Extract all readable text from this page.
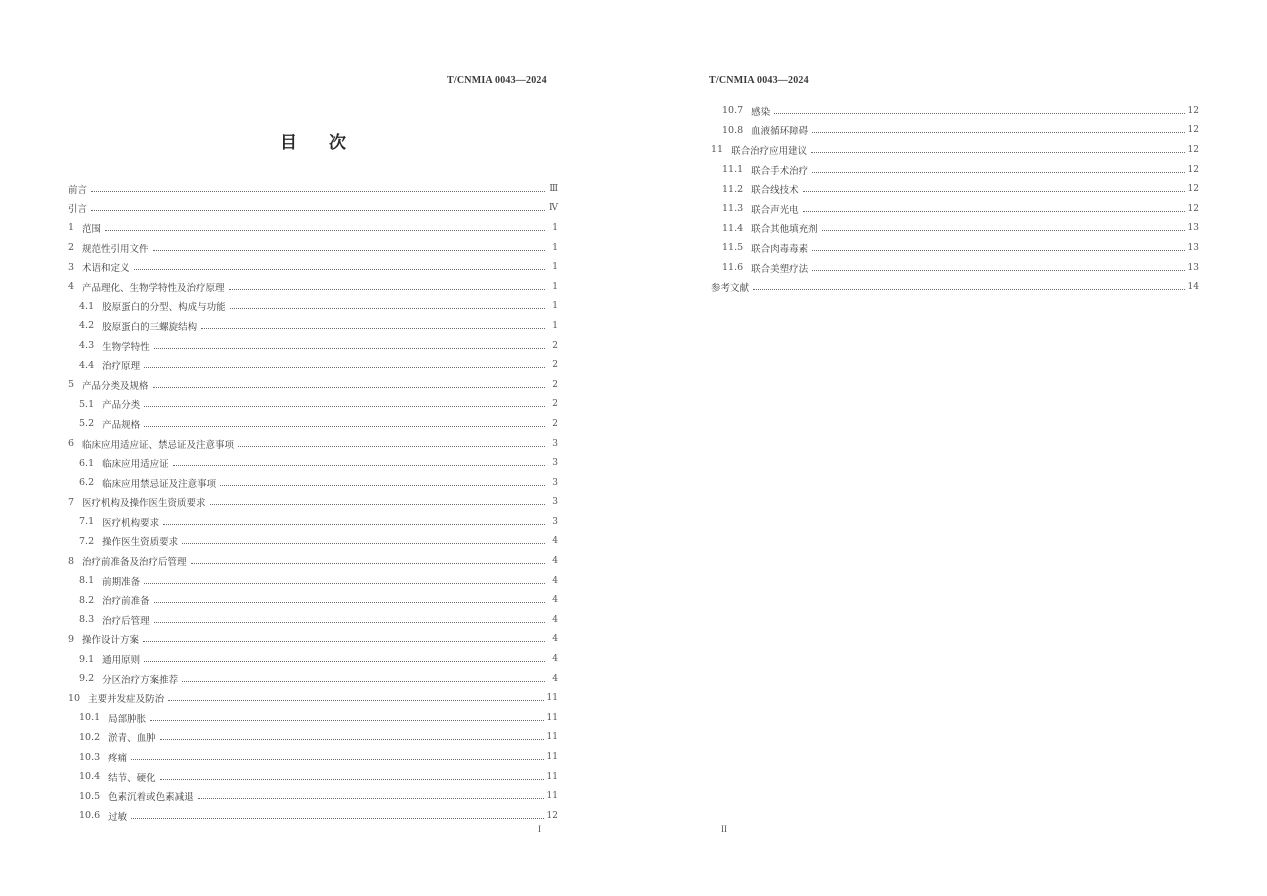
T/CNMIA 0043—2024
目次
前言	Ⅲ
引言	Ⅳ
1 范围	1
2 规范性引用文件	1
3 术语和定义	1
4 产品理化、生物学特性及治疗原理	1
4.1 胶原蛋白的分型、构成与功能	1
4.2 胶原蛋白的三螺旋结构	1
4.3 生物学特性	2
4.4 治疗原理	2
5 产品分类及规格	2
5.1 产品分类	2
5.2 产品规格	2
6 临床应用适应证、禁忌证及注意事项	3
6.1 临床应用适应证	3
6.2 临床应用禁忌证及注意事项	3
7 医疗机构及操作医生资质要求	3
7.1 医疗机构要求	3
7.2 操作医生资质要求	4
8 治疗前准备及治疗后管理	4
8.1 前期准备	4
8.2 治疗前准备	4
8.3 治疗后管理	4
9 操作设计方案	4
9.1 通用原则	4
9.2 分区治疗方案推荐	4
10 主要并发症及防治	11
10.1 局部肿胀	11
10.2 淤青、血肿	11
10.3 疼痛	11
10.4 结节、硬化	11
10.5 色素沉着或色素减退	11
10.6 过敏	12
I
T/CNMIA 0043—2024
10.7 感染	12
10.8 血液循环障碍	12
11 联合治疗应用建议	12
11.1 联合手术治疗	12
11.2 联合线技术	12
11.3 联合声光电	12
11.4 联合其他填充剂	13
11.5 联合肉毒毒素	13
11.6 联合美塑疗法	13
参考文献	14
II
